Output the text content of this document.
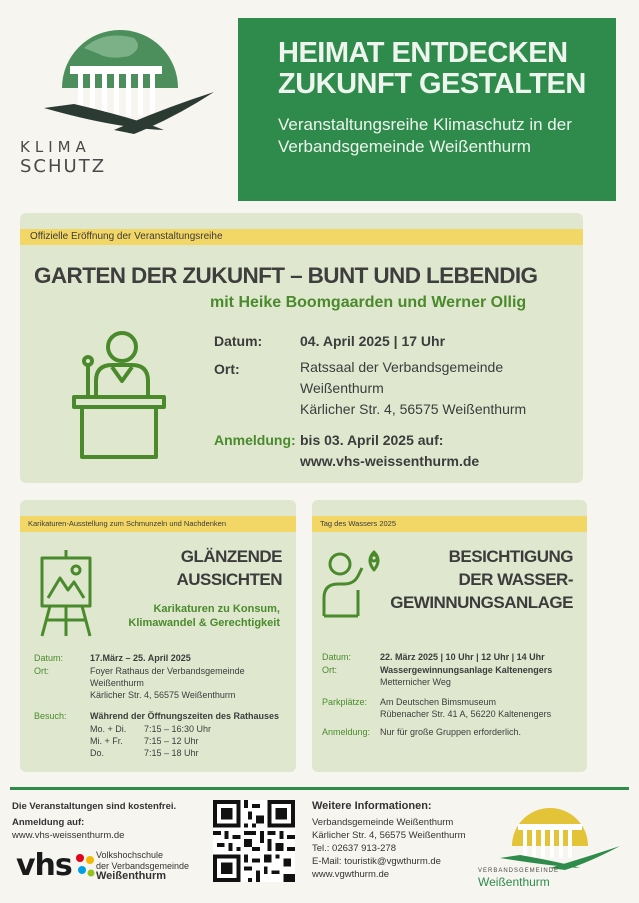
KLIMA
SCHUTZ
HEIMAT ENTDECKEN
ZUKUNFT GESTALTEN
Veranstaltungsreihe Klimaschutz in der Verbandsgemeinde Weißenthurm
Offizielle Eröffnung der Veranstaltungsreihe
GARTEN DER ZUKUNFT – BUNT UND LEBENDIG
mit Heike Boomgaarden und Werner Ollig
Datum:	04. April 2025 | 17 Uhr
Ort:	Ratssaal der Verbandsgemeinde
Weißenthurm
Kärlicher Str. 4, 56575 Weißenthurm
Anmeldung: bis 03. April 2025 auf:
www.vhs-weissenthurm.de
Karikaturen-Ausstellung zum Schmunzeln und Nachdenken
GLÄNZENDE
AUSSICHTEN
Karikaturen zu Konsum,
Klimawandel & Gerechtigkeit
Datum:	17.März – 25. April 2025
Ort:	Foyer Rathaus der Verbandsgemeinde
Weißenthurm
Kärlicher Str. 4, 56575 Weißenthurm
Besuch:	Während der Öffnungszeiten des Rathauses
Mo. + Di. 7:15 – 16:30 Uhr
Mi. + Fr. 7:15 – 12 Uhr
Do.	7:15 – 18 Uhr
Tag des Wassers 2025
BESICHTIGUNG
DER WASSER-
GEWINNUNGSANLAGE
Datum:	22. März 2025 | 10 Uhr | 12 Uhr | 14 Uhr
Ort:	Wassergewinnungsanlage Kaltenengers
Metternicher Weg
Parkplätze: Am Deutschen Bimsmuseum
Rübenacher Str. 41 A, 56220 Kaltenengers
Anmeldung: Nur für große Gruppen erforderlich.
Die Veranstaltungen sind kostenfrei.
Anmeldung auf:
www.vhs-weissenthurm.de
vhs	Volkshochschule
der Verbandsgemeinde
Weißenthurm
Weitere Informationen:
Verbandsgemeinde Weißenthurm
Kärlicher Str. 4, 56575 Weißenthurm
Tel.: 02637 913-278
E-Mail: touristik@vgwthurm.de
www.vgwthurm.de	VERBANDSGEMEINDE
Weißenthurm
